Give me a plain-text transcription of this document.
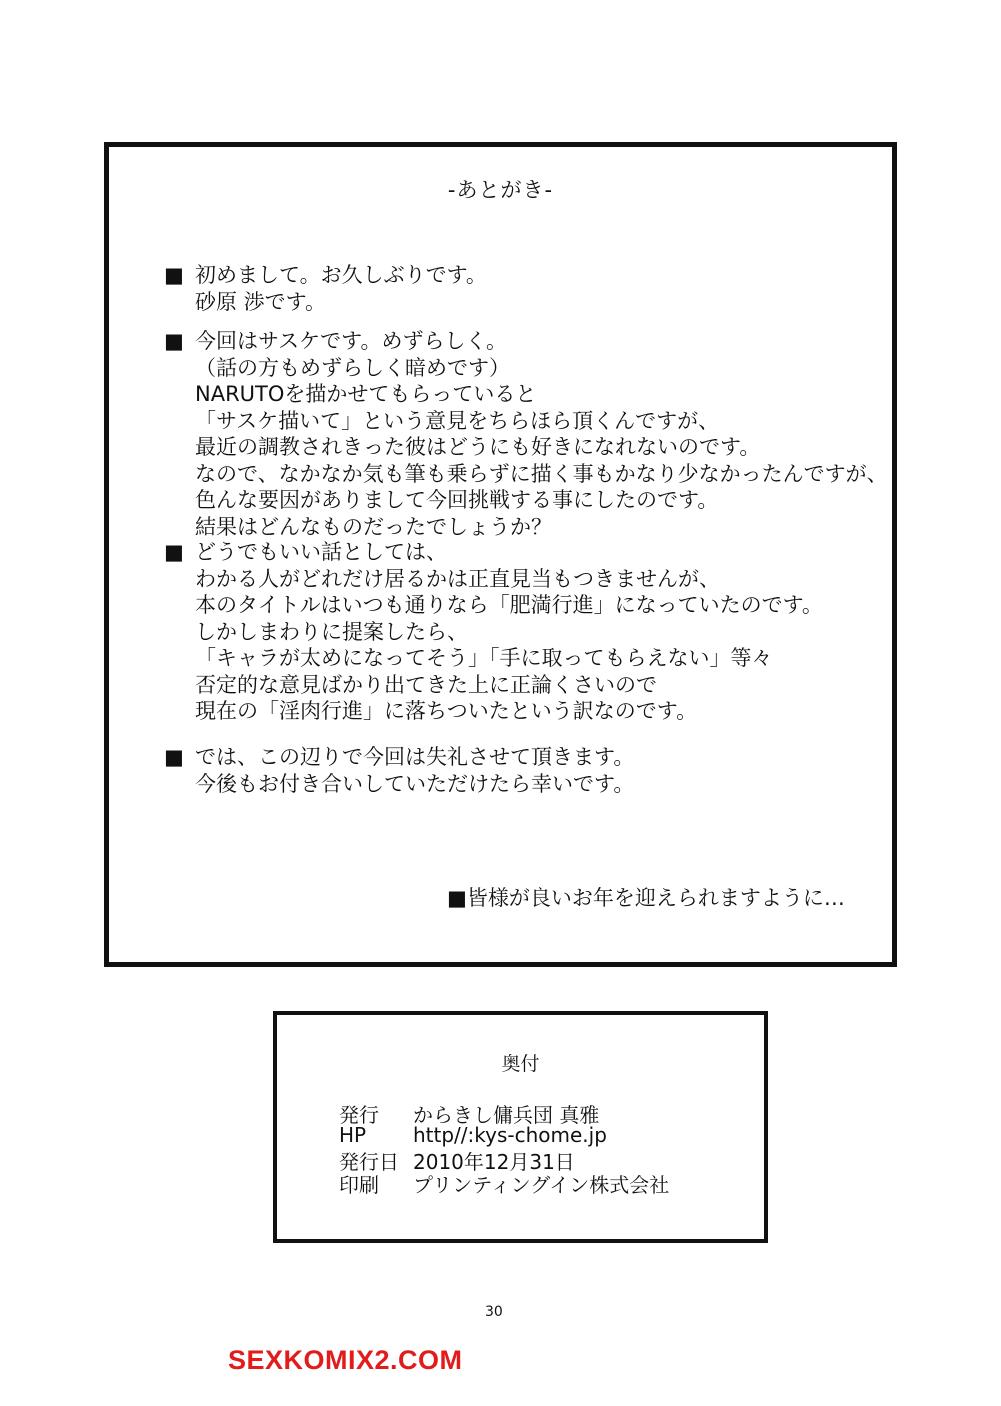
-あとがき-
■ 初めまして。お久しぶりです。
砂原 渉です。
■ 今回はサスケです。めずらしく。
（話の方もめずらしく暗めです）
NARUTOを描かせてもらっていると
「サスケ描いて」という意見をちらほら頂くんですが、
最近の調教されきった彼はどうにも好きになれないのです。
なので、なかなか気も筆も乗らずに描く事もかなり少なかったんですが、
色んな要因がありまして今回挑戦する事にしたのです。
結果はどんなものだったでしょうか？
■ どうでもいい話としては、
わかる人がどれだけ居るかは正直見当もつきませんが、
本のタイトルはいつも通りなら「肥満行進」になっていたのです。
しかしまわりに提案したら、
「キャラが太めになってそう」「手に取ってもらえない」等々
否定的な意見ばかり出てきた上に正論くさいので
現在の「淫肉行進」に落ちついたという訳なのです。
■ では、この辺りで今回は失礼させて頂きます。
今後もお付き合いしていただけたら幸いです。
■皆様が良いお年を迎えられますように…
奥付
発行 からきし傭兵団 真雅
HP http//:kys-chome.jp
発行日 2010年12月31日
印刷 プリンティングイン株式会社
30
SEXKOMIX2.COM
